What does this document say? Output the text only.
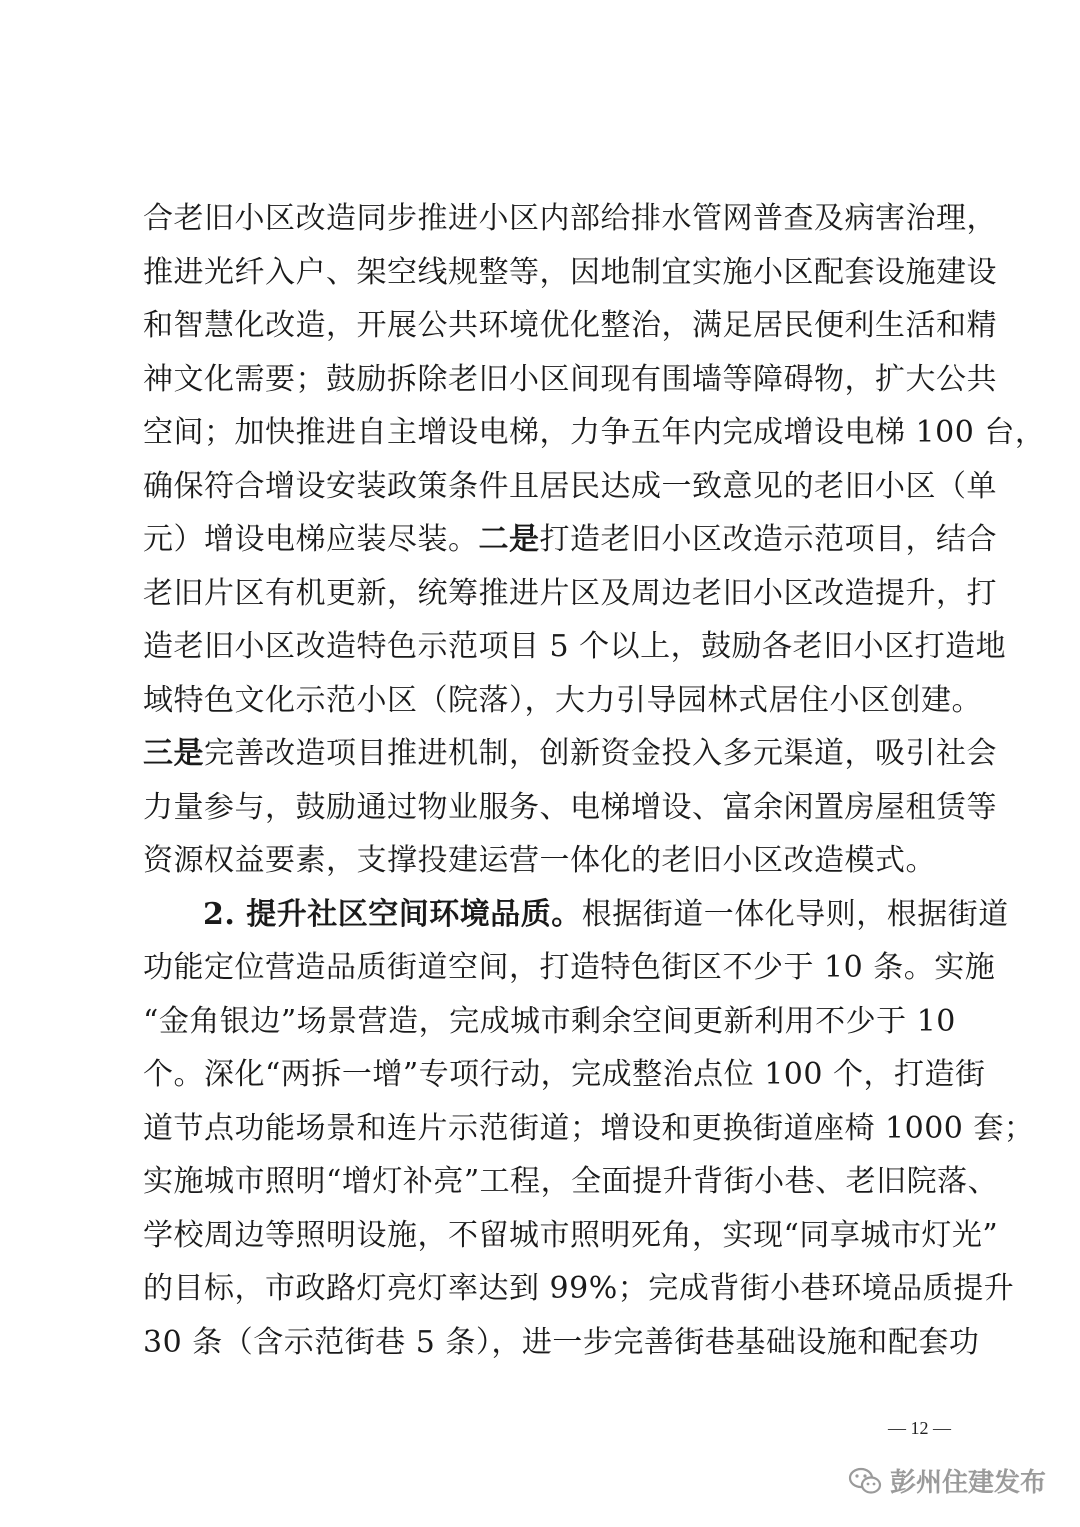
合老旧小区改造同步推进小区内部给排水管网普查及病害治理，
推进光纤入户、架空线规整等，因地制宜实施小区配套设施建设
和智慧化改造，开展公共环境优化整治，满足居民便利生活和精
神文化需要；鼓励拆除老旧小区间现有围墙等障碍物，扩大公共
空间；加快推进自主增设电梯，力争五年内完成增设电梯 100 台，
确保符合增设安装政策条件且居民达成一致意见的老旧小区（单
元）增设电梯应装尽装。二是打造老旧小区改造示范项目，结合
老旧片区有机更新，统筹推进片区及周边老旧小区改造提升，打
造老旧小区改造特色示范项目 5 个以上，鼓励各老旧小区打造地
域特色文化示范小区（院落），大力引导园林式居住小区创建。
三是完善改造项目推进机制，创新资金投入多元渠道，吸引社会
力量参与，鼓励通过物业服务、电梯增设、富余闲置房屋租赁等
资源权益要素，支撑投建运营一体化的老旧小区改造模式。
2. 提升社区空间环境品质。根据街道一体化导则，根据街道
功能定位营造品质街道空间，打造特色街区不少于 10 条。实施
“金角银边”场景营造，完成城市剩余空间更新利用不少于 10
个。深化“两拆一增”专项行动，完成整治点位 100 个，打造街
道节点功能场景和连片示范街道；增设和更换街道座椅 1000 套；
实施城市照明“增灯补亮”工程，全面提升背街小巷、老旧院落、
学校周边等照明设施，不留城市照明死角，实现“同享城市灯光”
的目标，市政路灯亮灯率达到 99%；完成背街小巷环境品质提升
30 条（含示范街巷 5 条），进一步完善街巷基础设施和配套功
— 12 —
彭州住建发布
